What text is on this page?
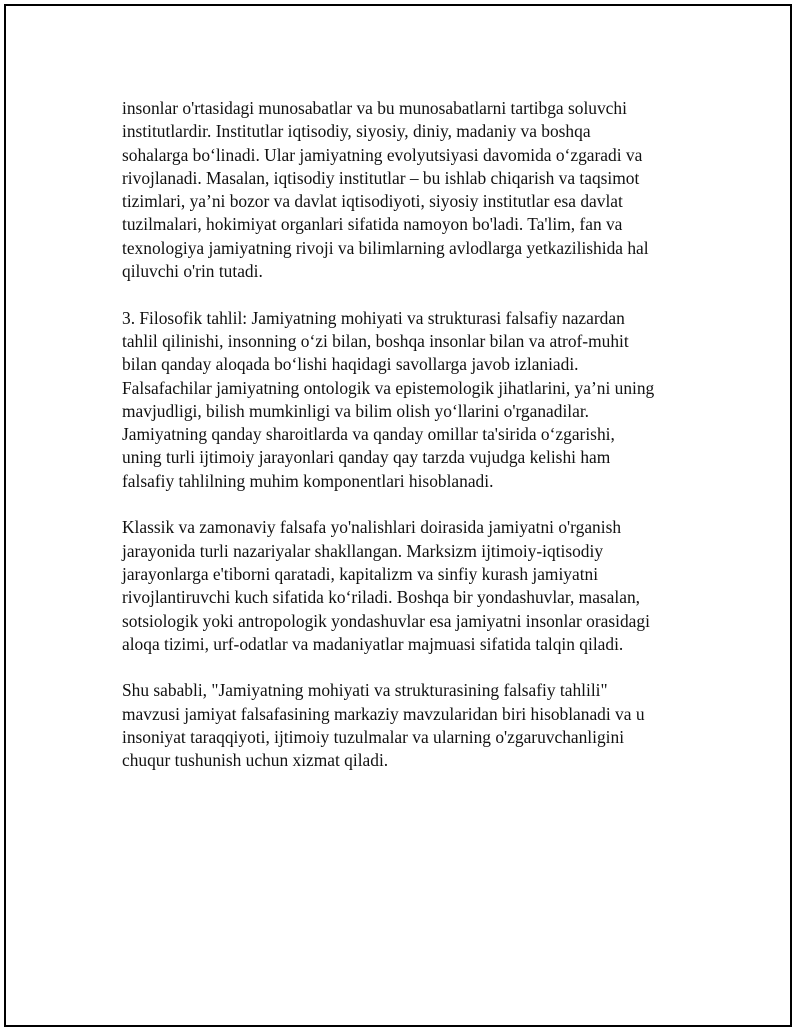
insonlar o'rtasidagi munosabatlar va bu munosabatlarni tartibga soluvchi
institutlardir. Institutlar iqtisodiy, siyosiy, diniy, madaniy va boshqa
sohalarga bo‘linadi. Ular jamiyatning evolyutsiyasi davomida o‘zgaradi va
rivojlanadi. Masalan, iqtisodiy institutlar – bu ishlab chiqarish va taqsimot
tizimlari, ya’ni bozor va davlat iqtisodiyoti, siyosiy institutlar esa davlat
tuzilmalari, hokimiyat organlari sifatida namoyon bo'ladi. Ta'lim, fan va
texnologiya jamiyatning rivoji va bilimlarning avlodlarga yetkazilishida hal
qiluvchi o'rin tutadi.

3. Filosofik tahlil: Jamiyatning mohiyati va strukturasi falsafiy nazardan
tahlil qilinishi, insonning o‘zi bilan, boshqa insonlar bilan va atrof-muhit
bilan qanday aloqada bo‘lishi haqidagi savollarga javob izlaniadi.
Falsafachilar jamiyatning ontologik va epistemologik jihatlarini, ya’ni uning
mavjudligi, bilish mumkinligi va bilim olish yo‘llarini o'rganadilar.
Jamiyatning qanday sharoitlarda va qanday omillar ta'sirida o‘zgarishi,
uning turli ijtimoiy jarayonlari qanday qay tarzda vujudga kelishi ham
falsafiy tahlilning muhim komponentlari hisoblanadi.

Klassik va zamonaviy falsafa yo'nalishlari doirasida jamiyatni o'rganish
jarayonida turli nazariyalar shakllangan. Marksizm ijtimoiy-iqtisodiy
jarayonlarga e'tiborni qaratadi, kapitalizm va sinfiy kurash jamiyatni
rivojlantiruvchi kuch sifatida ko‘riladi. Boshqa bir yondashuvlar, masalan,
sotsiologik yoki antropologik yondashuvlar esa jamiyatni insonlar orasidagi
aloqa tizimi, urf-odatlar va madaniyatlar majmuasi sifatida talqin qiladi.

Shu sababli, "Jamiyatning mohiyati va strukturasining falsafiy tahlili"
mavzusi jamiyat falsafasining markaziy mavzularidan biri hisoblanadi va u
insoniyat taraqqiyoti, ijtimoiy tuzulmalar va ularning o'zgaruvchanligini
chuqur tushunish uchun xizmat qiladi.
